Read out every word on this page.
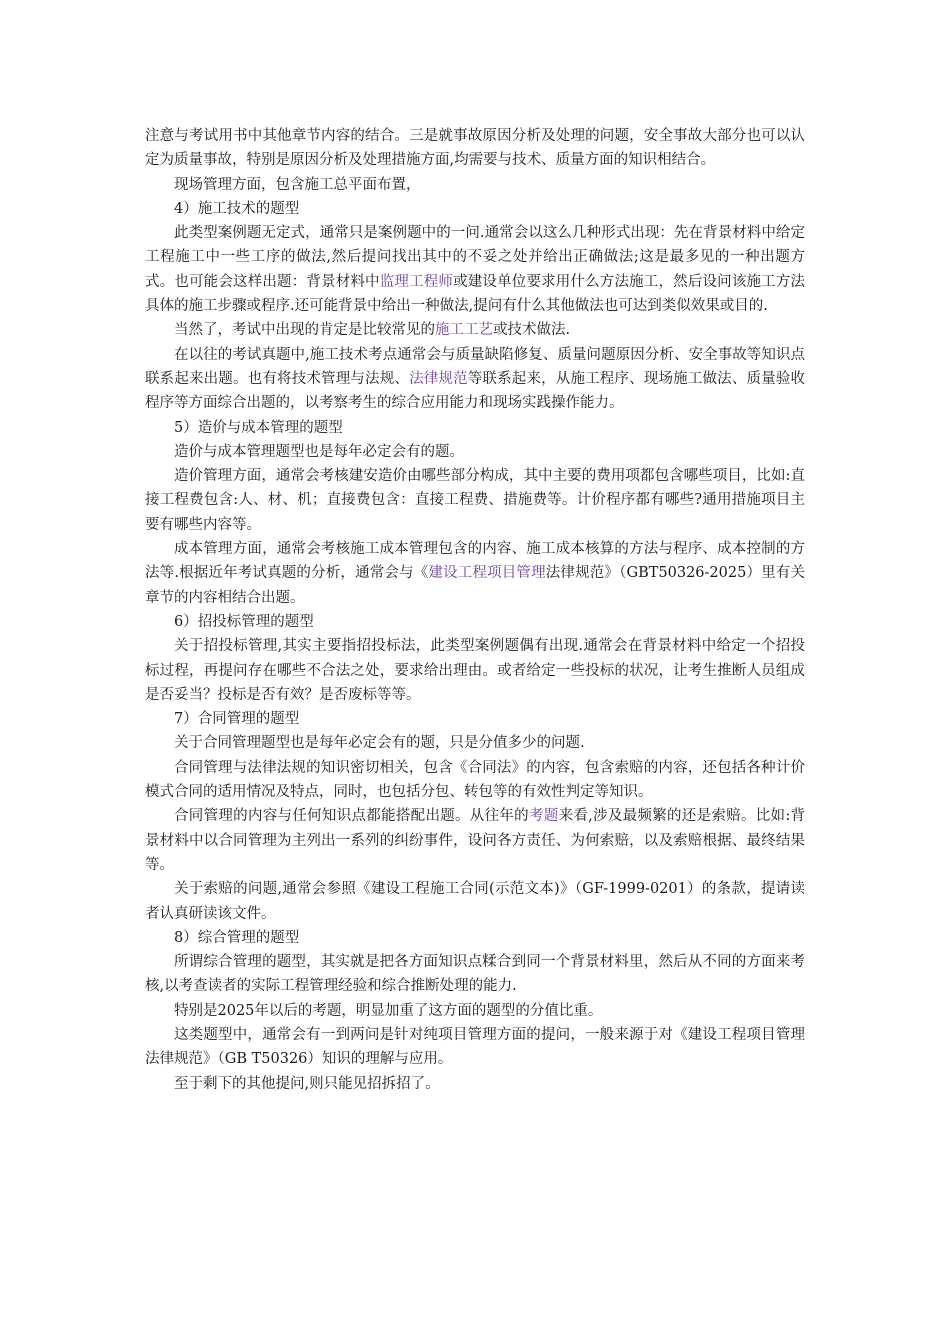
注意与考试用书中其他章节内容的结合。三是就事故原因分析及处理的问题，安全事故大部分也可以认定为质量事故，特别是原因分析及处理措施方面,均需要与技术、质量方面的知识相结合。

现场管理方面，包含施工总平面布置，

4）施工技术的题型

此类型案例题无定式，通常只是案例题中的一问.通常会以这么几种形式出现：先在背景材料中给定工程施工中一些工序的做法,然后提问找出其中的不妥之处并给出正确做法;这是最多见的一种出题方式。也可能会这样出题：背景材料中监理工程师或建设单位要求用什么方法施工，然后设问该施工方法具体的施工步骤或程序.还可能背景中给出一种做法,提问有什么其他做法也可达到类似效果或目的.

当然了，考试中出现的肯定是比较常见的施工工艺或技术做法.

在以往的考试真题中,施工技术考点通常会与质量缺陷修复、质量问题原因分析、安全事故等知识点联系起来出题。也有将技术管理与法规、法律规范等联系起来，从施工程序、现场施工做法、质量验收程序等方面综合出题的，以考察考生的综合应用能力和现场实践操作能力。

5）造价与成本管理的题型

造价与成本管理题型也是每年必定会有的题。

造价管理方面，通常会考核建安造价由哪些部分构成，其中主要的费用项都包含哪些项目，比如:直接工程费包含:人、材、机；直接费包含：直接工程费、措施费等。计价程序都有哪些?通用措施项目主要有哪些内容等。

成本管理方面，通常会考核施工成本管理包含的内容、施工成本核算的方法与程序、成本控制的方法等.根据近年考试真题的分析，通常会与《建设工程项目管理法律规范》（GBT50326-2025）里有关章节的内容相结合出题。

6）招投标管理的题型

关于招投标管理,其实主要指招投标法，此类型案例题偶有出现.通常会在背景材料中给定一个招投标过程，再提问存在哪些不合法之处，要求给出理由。或者给定一些投标的状况，让考生推断人员组成是否妥当？投标是否有效？是否废标等等。

7）合同管理的题型

关于合同管理题型也是每年必定会有的题，只是分值多少的问题.

合同管理与法律法规的知识密切相关，包含《合同法》的内容，包含索赔的内容，还包括各种计价模式合同的适用情况及特点，同时，也包括分包、转包等的有效性判定等知识。

合同管理的内容与任何知识点都能搭配出题。从往年的考题来看,涉及最频繁的还是索赔。比如:背景材料中以合同管理为主列出一系列的纠纷事件，设问各方责任、为何索赔，以及索赔根据、最终结果等。

关于索赔的问题,通常会参照《建设工程施工合同(示范文本)》（GF-1999-0201）的条款，提请读者认真研读该文件。

8）综合管理的题型

所谓综合管理的题型，其实就是把各方面知识点糅合到同一个背景材料里，然后从不同的方面来考核,以考查读者的实际工程管理经验和综合推断处理的能力.

特别是2025年以后的考题，明显加重了这方面的题型的分值比重。

这类题型中，通常会有一到两问是针对纯项目管理方面的提问，一般来源于对《建设工程项目管理法律规范》（GB T50326）知识的理解与应用。

至于剩下的其他提问,则只能见招拆招了。
